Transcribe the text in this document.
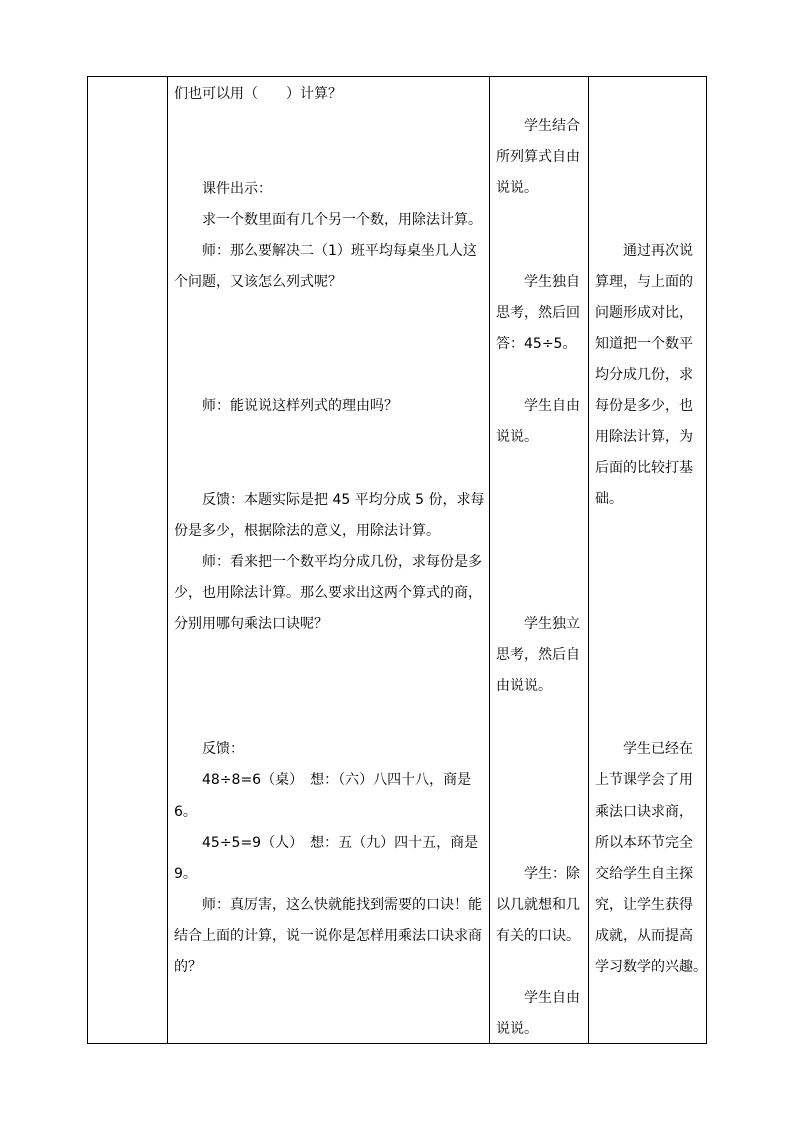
们也可以用（　　）计算？
课件出示：
求一个数里面有几个另一个数，用除法计算。
师：那么要解决二（1）班平均每桌坐几人这
个问题，又该怎么列式呢？
师：能说说这样列式的理由吗？
反馈：本题实际是把 45 平均分成 5 份，求每
份是多少，根据除法的意义，用除法计算。
师：看来把一个数平均分成几份，求每份是多
少，也用除法计算。那么要求出这两个算式的商，
分别用哪句乘法口诀呢？
反馈：
48÷8=6（桌）　想：（六）八四十八，商是
6。
45÷5=9（人）　想：五（九）四十五，商是
9。
师：真厉害，这么快就能找到需要的口诀！能
结合上面的计算，说一说你是怎样用乘法口诀求商
的？
学生结合
所列算式自由
说说。
学生独自
思考，然后回
答：45÷5。
学生自由
说说。
学生独立
思考，然后自
由说说。
学生：除
以几就想和几
有关的口诀。
学生自由
说说。
通过再次说
算理，与上面的
问题形成对比，
知道把一个数平
均分成几份，求
每份是多少，也
用除法计算，为
后面的比较打基
础。
学生已经在
上节课学会了用
乘法口诀求商，
所以本环节完全
交给学生自主探
究，让学生获得
成就，从而提高
学习数学的兴趣。
